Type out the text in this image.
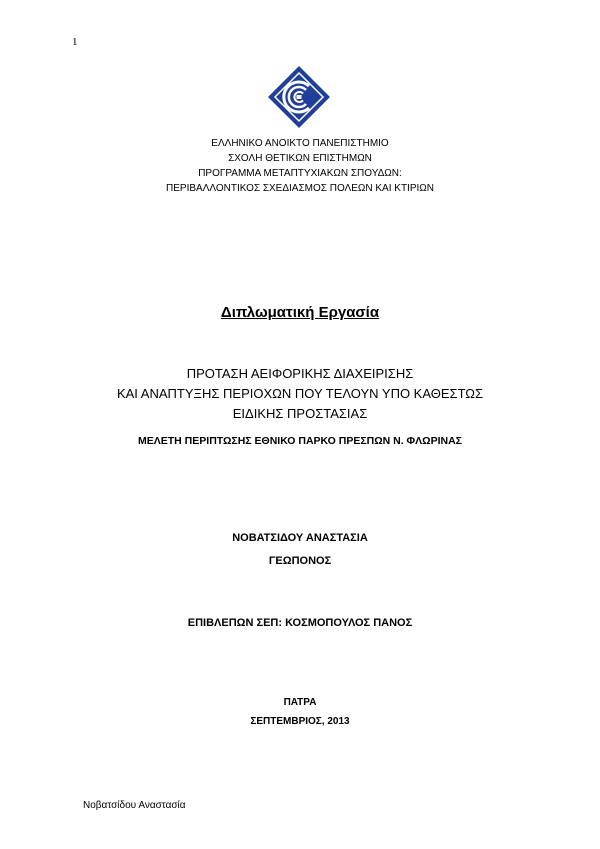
1
ΕΛΛΗΝΙΚΟ ΑΝΟΙΚΤΟ ΠΑΝΕΠΙΣΤΗΜΙΟ
ΣΧΟΛΗ ΘΕΤΙΚΩΝ ΕΠΙΣΤΗΜΩΝ
ΠΡΟΓΡΑΜΜΑ ΜΕΤΑΠΤΥΧΙΑΚΩΝ ΣΠΟΥΔΩΝ:
ΠΕΡΙΒΑΛΛΟΝΤΙΚΟΣ ΣΧΕΔΙΑΣΜΟΣ ΠΟΛΕΩΝ ΚΑΙ ΚΤΙΡΙΩΝ
Διπλωματική Εργασία
ΠΡΟΤΑΣΗ ΑΕΙΦΟΡΙΚΗΣ ΔΙΑΧΕΙΡΙΣΗΣ
ΚΑΙ ΑΝΑΠΤΥΞΗΣ ΠΕΡΙΟΧΩΝ ΠΟΥ ΤΕΛΟΥΝ ΥΠΟ ΚΑΘΕΣΤΩΣ
ΕΙΔΙΚΗΣ ΠΡΟΣΤΑΣΙΑΣ
ΜΕΛΕΤΗ ΠΕΡΙΠΤΩΣΗΣ ΕΘΝΙΚΟ ΠΑΡΚΟ ΠΡΕΣΠΩΝ Ν. ΦΛΩΡΙΝΑΣ
ΝΟΒΑΤΣΙΔΟΥ ΑΝΑΣΤΑΣΙΑ
ΓΕΩΠΟΝΟΣ
ΕΠΙΒΛΕΠΩΝ ΣΕΠ: ΚΟΣΜΟΠΟΥΛΟΣ ΠΑΝΟΣ
ΠΑΤΡΑ
ΣΕΠΤΕΜΒΡΙΟΣ, 2013
Νοβατσίδου Αναστασία
